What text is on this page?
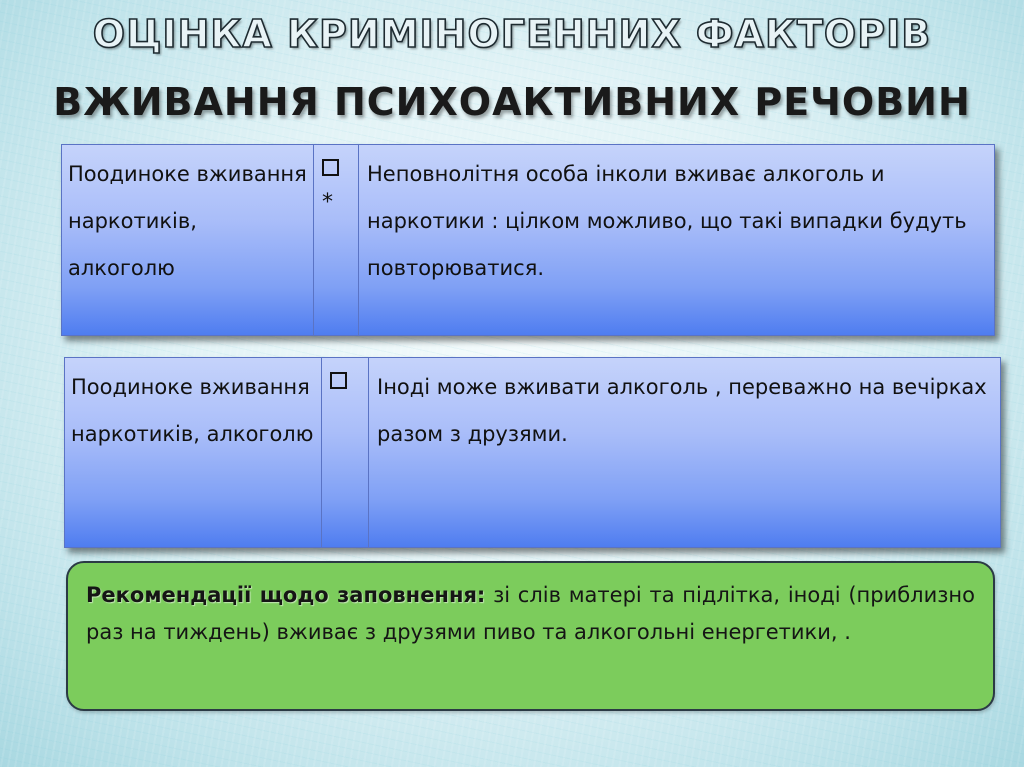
ОЦІНКА КРИМІНОГЕННИХ ФАКТОРІВ
ВЖИВАННЯ ПСИХОАКТИВНИХ РЕЧОВИН
Поодиноке вживання наркотиків, алкоголю

*
Неповнолітня особа інколи вживає алкоголь и наркотики : цілком можливо, що такі випадки будуть повторюватися.
Поодиноке вживання наркотиків, алкоголю
Іноді може вживати алкоголь , переважно на вечірках разом з друзями.
Рекомендації щодо заповнення: зі слів матері та підлітка, іноді (приблизно раз на тиждень) вживає з друзями пиво та алкогольні енергетики, .
